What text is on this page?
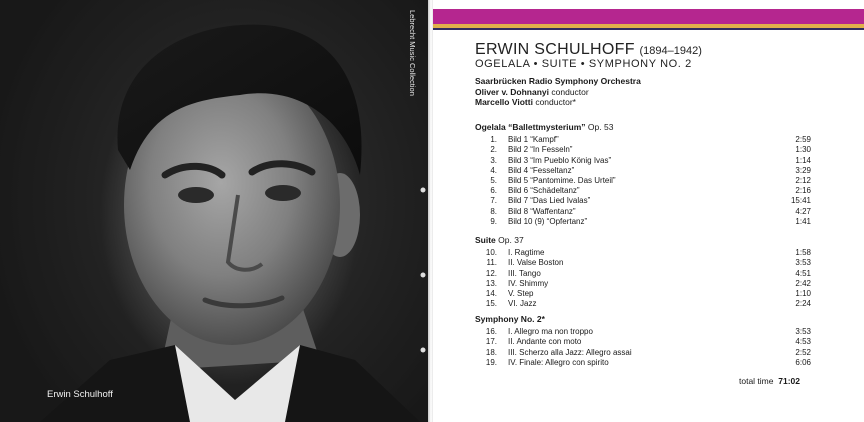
Lebrecht Music Collection
Erwin Schulhoff
ERWIN SCHULHOFF (1894–1942)
OGELALA • SUITE • SYMPHONY NO. 2
Saarbrücken Radio Symphony Orchestra
Oliver v. Dohnanyi conductor
Marcello Viotti conductor*
Ogelala “Ballettmysterium” Op. 53
1. Bild 1 “Kampf”	2:59
2. Bild 2 “In Fesseln”	1:30
3. Bild 3 “Im Pueblo König Ivas”	1:14
4. Bild 4 “Fesseltanz”	3:29
5. Bild 5 “Pantomime. Das Urteil”	2:12
6. Bild 6 “Schädeltanz”	2:16
7. Bild 7 “Das Lied Ivalas”	15:41
8. Bild 8 “Waffentanz”	4:27
9. Bild 10 (9) “Opfertanz”	1:41
Suite Op. 37
10. I. Ragtime	1:58
11. II. Valse Boston	3:53
12. III. Tango	4:51
13. IV. Shimmy	2:42
14. V. Step	1:10
15. VI. Jazz	2:24
Symphony No. 2*
16. I. Allegro ma non troppo	3:53
17. II. Andante con moto	4:53
18. III. Scherzo alla Jazz: Allegro assai	2:52
19. IV. Finale: Allegro con spirito	6:06
total time 71:02
